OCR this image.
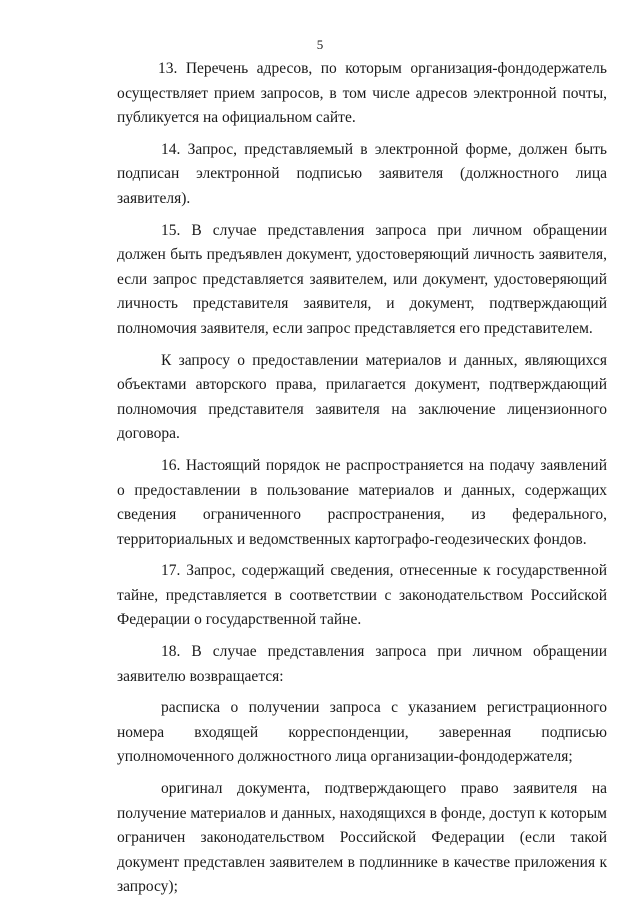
5

13. Перечень адресов, по которым организация-фондодержатель осуществляет прием запросов, в том числе адресов электронной почты, публикуется на официальном сайте.

14. Запрос, представляемый в электронной форме, должен быть подписан электронной подписью заявителя (должностного лица заявителя).

15. В случае представления запроса при личном обращении должен быть предъявлен документ, удостоверяющий личность заявителя, если запрос представляется заявителем, или документ, удостоверяющий личность представителя заявителя, и документ, подтверждающий полномочия заявителя, если запрос представляется его представителем.

К запросу о предоставлении материалов и данных, являющихся объектами авторского права, прилагается документ, подтверждающий полномочия представителя заявителя на заключение лицензионного договора.

16. Настоящий порядок не распространяется на подачу заявлений о предоставлении в пользование материалов и данных, содержащих сведения ограниченного распространения, из федерального, территориальных и ведомственных картографо-геодезических фондов.

17. Запрос, содержащий сведения, отнесенные к государственной тайне, представляется в соответствии с законодательством Российской Федерации о государственной тайне.

18. В случае представления запроса при личном обращении заявителю возвращается:

расписка о получении запроса с указанием регистрационного номера входящей корреспонденции, заверенная подписью уполномоченного должностного лица организации-фондодержателя;

оригинал документа, подтверждающего право заявителя на получение материалов и данных, находящихся в фонде, доступ к которым ограничен законодательством Российской Федерации (если такой документ представлен заявителем в подлиннике в качестве приложения к запросу);
